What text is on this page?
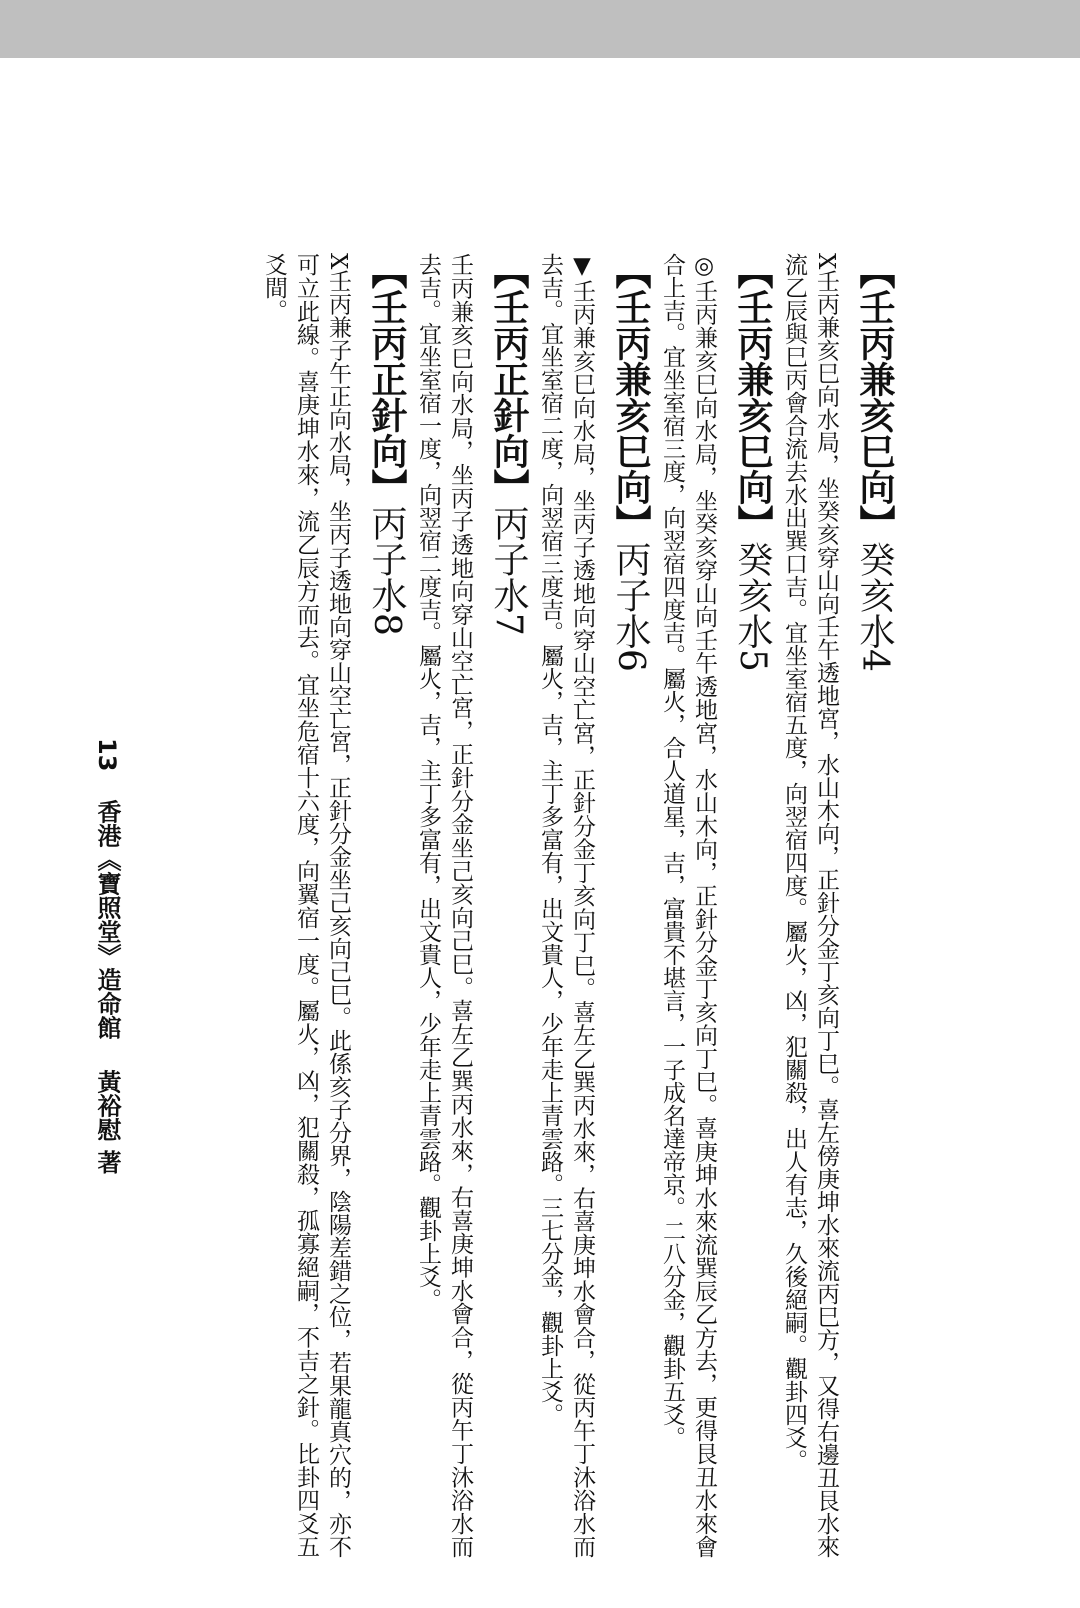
【壬丙兼亥巳向】癸亥水4

X壬丙兼亥巳向水局，坐癸亥穿山向壬午透地宮，水山木向，正針分金丁亥向丁巳。喜左傍庚坤水來流丙巳方，又得右邊丑艮水來流乙辰與巳丙會合流去水出巽口吉。宜坐室宿五度，向翌宿四度。屬火，凶，犯關殺，出人有志，久後絕嗣。觀卦四爻。

【壬丙兼亥巳向】癸亥水5

◎壬丙兼亥巳向水局，坐癸亥穿山向壬午透地宮，水山木向，正針分金丁亥向丁巳。喜庚坤水來流巽辰乙方去，更得艮丑水來會合上吉。宜坐室宿三度，向翌宿四度吉。屬火，合人道星，吉，富貴不堪言，一子成名達帝京。二八分金，觀卦五爻。

【壬丙兼亥巳向】丙子水6

▼壬丙兼亥巳向水局，坐丙子透地向穿山空亡宮，正針分金丁亥向丁巳。喜左乙巽丙水來，右喜庚坤水會合，從丙午丁沐浴水而去吉。宜坐室宿二度，向翌宿三度吉。屬火，吉，主丁多富有，出文貴人，少年走上青雲路。三七分金，觀卦上爻。

【壬丙正針向】丙子水7

壬丙兼亥巳向水局，坐丙子透地向穿山空亡宮，正針分金坐己亥向己巳。喜左乙巽丙水來，右喜庚坤水會合，從丙午丁沐浴水而去吉。宜坐室宿一度，向翌宿二度吉。屬火，吉，主丁多富有，出文貴人，少年走上青雲路。觀卦上爻。

【壬丙正針向】丙子水8

X壬丙兼子午正向水局，坐丙子透地向穿山空亡宮，正針分金坐己亥向己巳。此係亥子分界，陰陽差錯之位，若果龍真穴的，亦不可立此線。喜庚坤水來，流乙辰方而去。宜坐危宿十六度，向翼宿一度。屬火，凶，犯關殺，孤寡絕嗣，不吉之針。比卦四爻五爻間。

13香港《寶照堂》造命館黃裕慰 著
